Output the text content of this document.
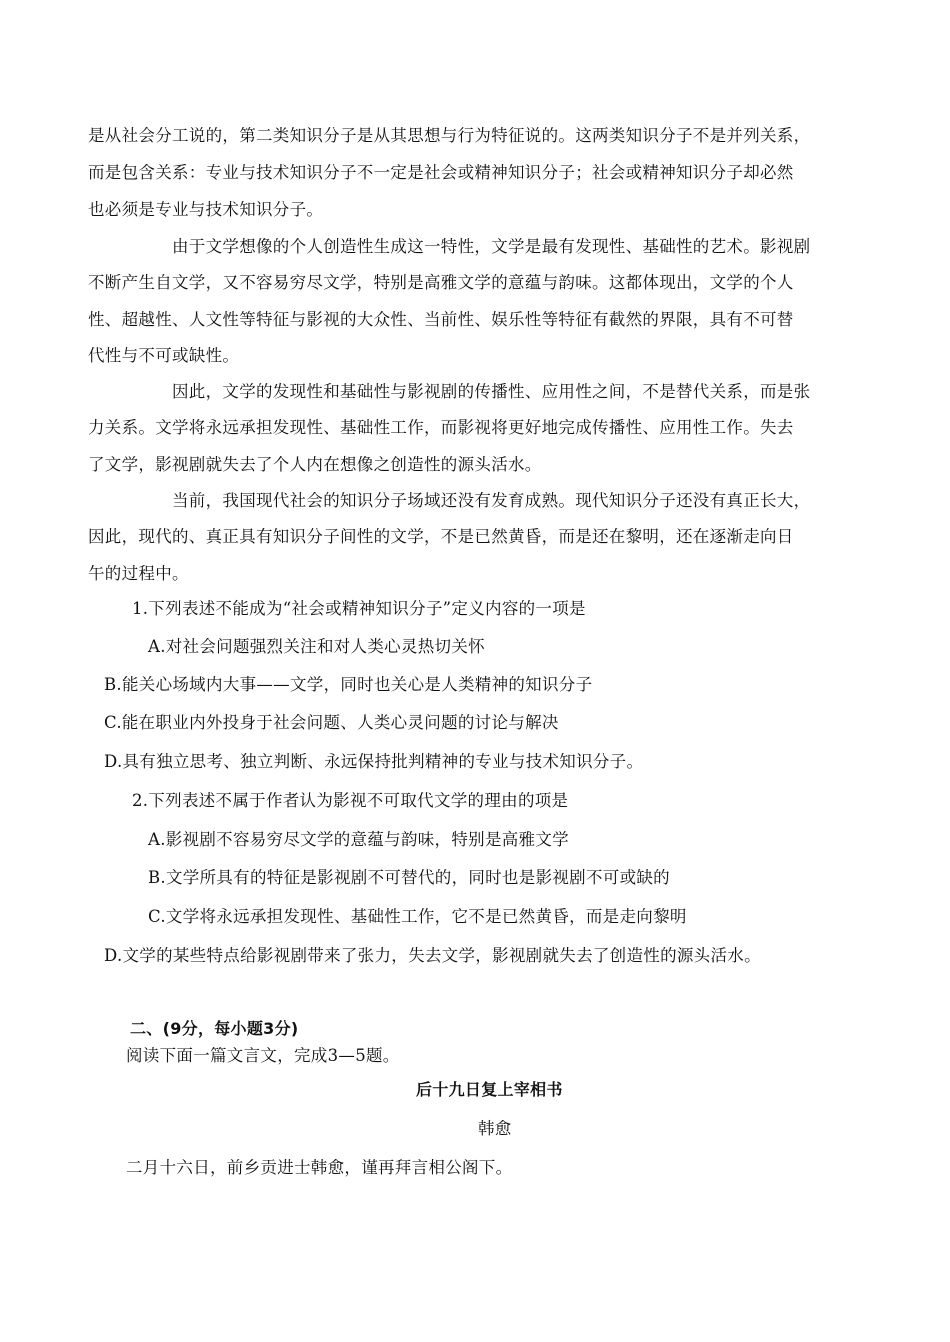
是从社会分工说的，第二类知识分子是从其思想与行为特征说的。这两类知识分子不是并列关系，
而是包含关系：专业与技术知识分子不一定是社会或精神知识分子；社会或精神知识分子却必然
也必须是专业与技术知识分子。
由于文学想像的个人创造性生成这一特性，文学是最有发现性、基础性的艺术。影视剧
不断产生自文学，又不容易穷尽文学，特别是高雅文学的意蕴与韵味。这都体现出，文学的个人
性、超越性、人文性等特征与影视的大众性、当前性、娱乐性等特征有截然的界限，具有不可替
代性与不可或缺性。
因此，文学的发现性和基础性与影视剧的传播性、应用性之间，不是替代关系，而是张
力关系。文学将永远承担发现性、基础性工作，而影视将更好地完成传播性、应用性工作。失去
了文学，影视剧就失去了个人内在想像之创造性的源头活水。
当前，我国现代社会的知识分子场域还没有发育成熟。现代知识分子还没有真正长大，
因此，现代的、真正具有知识分子间性的文学，不是已然黄昏，而是还在黎明，还在逐渐走向日
午的过程中。
1.下列表述不能成为“社会或精神知识分子”定义内容的一项是
A.对社会问题强烈关注和对人类心灵热切关怀
B.能关心场域内大事——文学，同时也关心是人类精神的知识分子
C.能在职业内外投身于社会问题、人类心灵问题的讨论与解决
D.具有独立思考、独立判断、永远保持批判精神的专业与技术知识分子。
2.下列表述不属于作者认为影视不可取代文学的理由的项是
A.影视剧不容易穷尽文学的意蕴与韵味，特别是高雅文学
B.文学所具有的特征是影视剧不可替代的，同时也是影视剧不可或缺的
C.文学将永远承担发现性、基础性工作，它不是已然黄昏，而是走向黎明
D.文学的某些特点给影视剧带来了张力，失去文学，影视剧就失去了创造性的源头活水。
二、(9分，每小题3分)
阅读下面一篇文言文，完成3—5题。
后十九日复上宰相书
韩愈
二月十六日，前乡贡进士韩愈，谨再拜言相公阁下。
